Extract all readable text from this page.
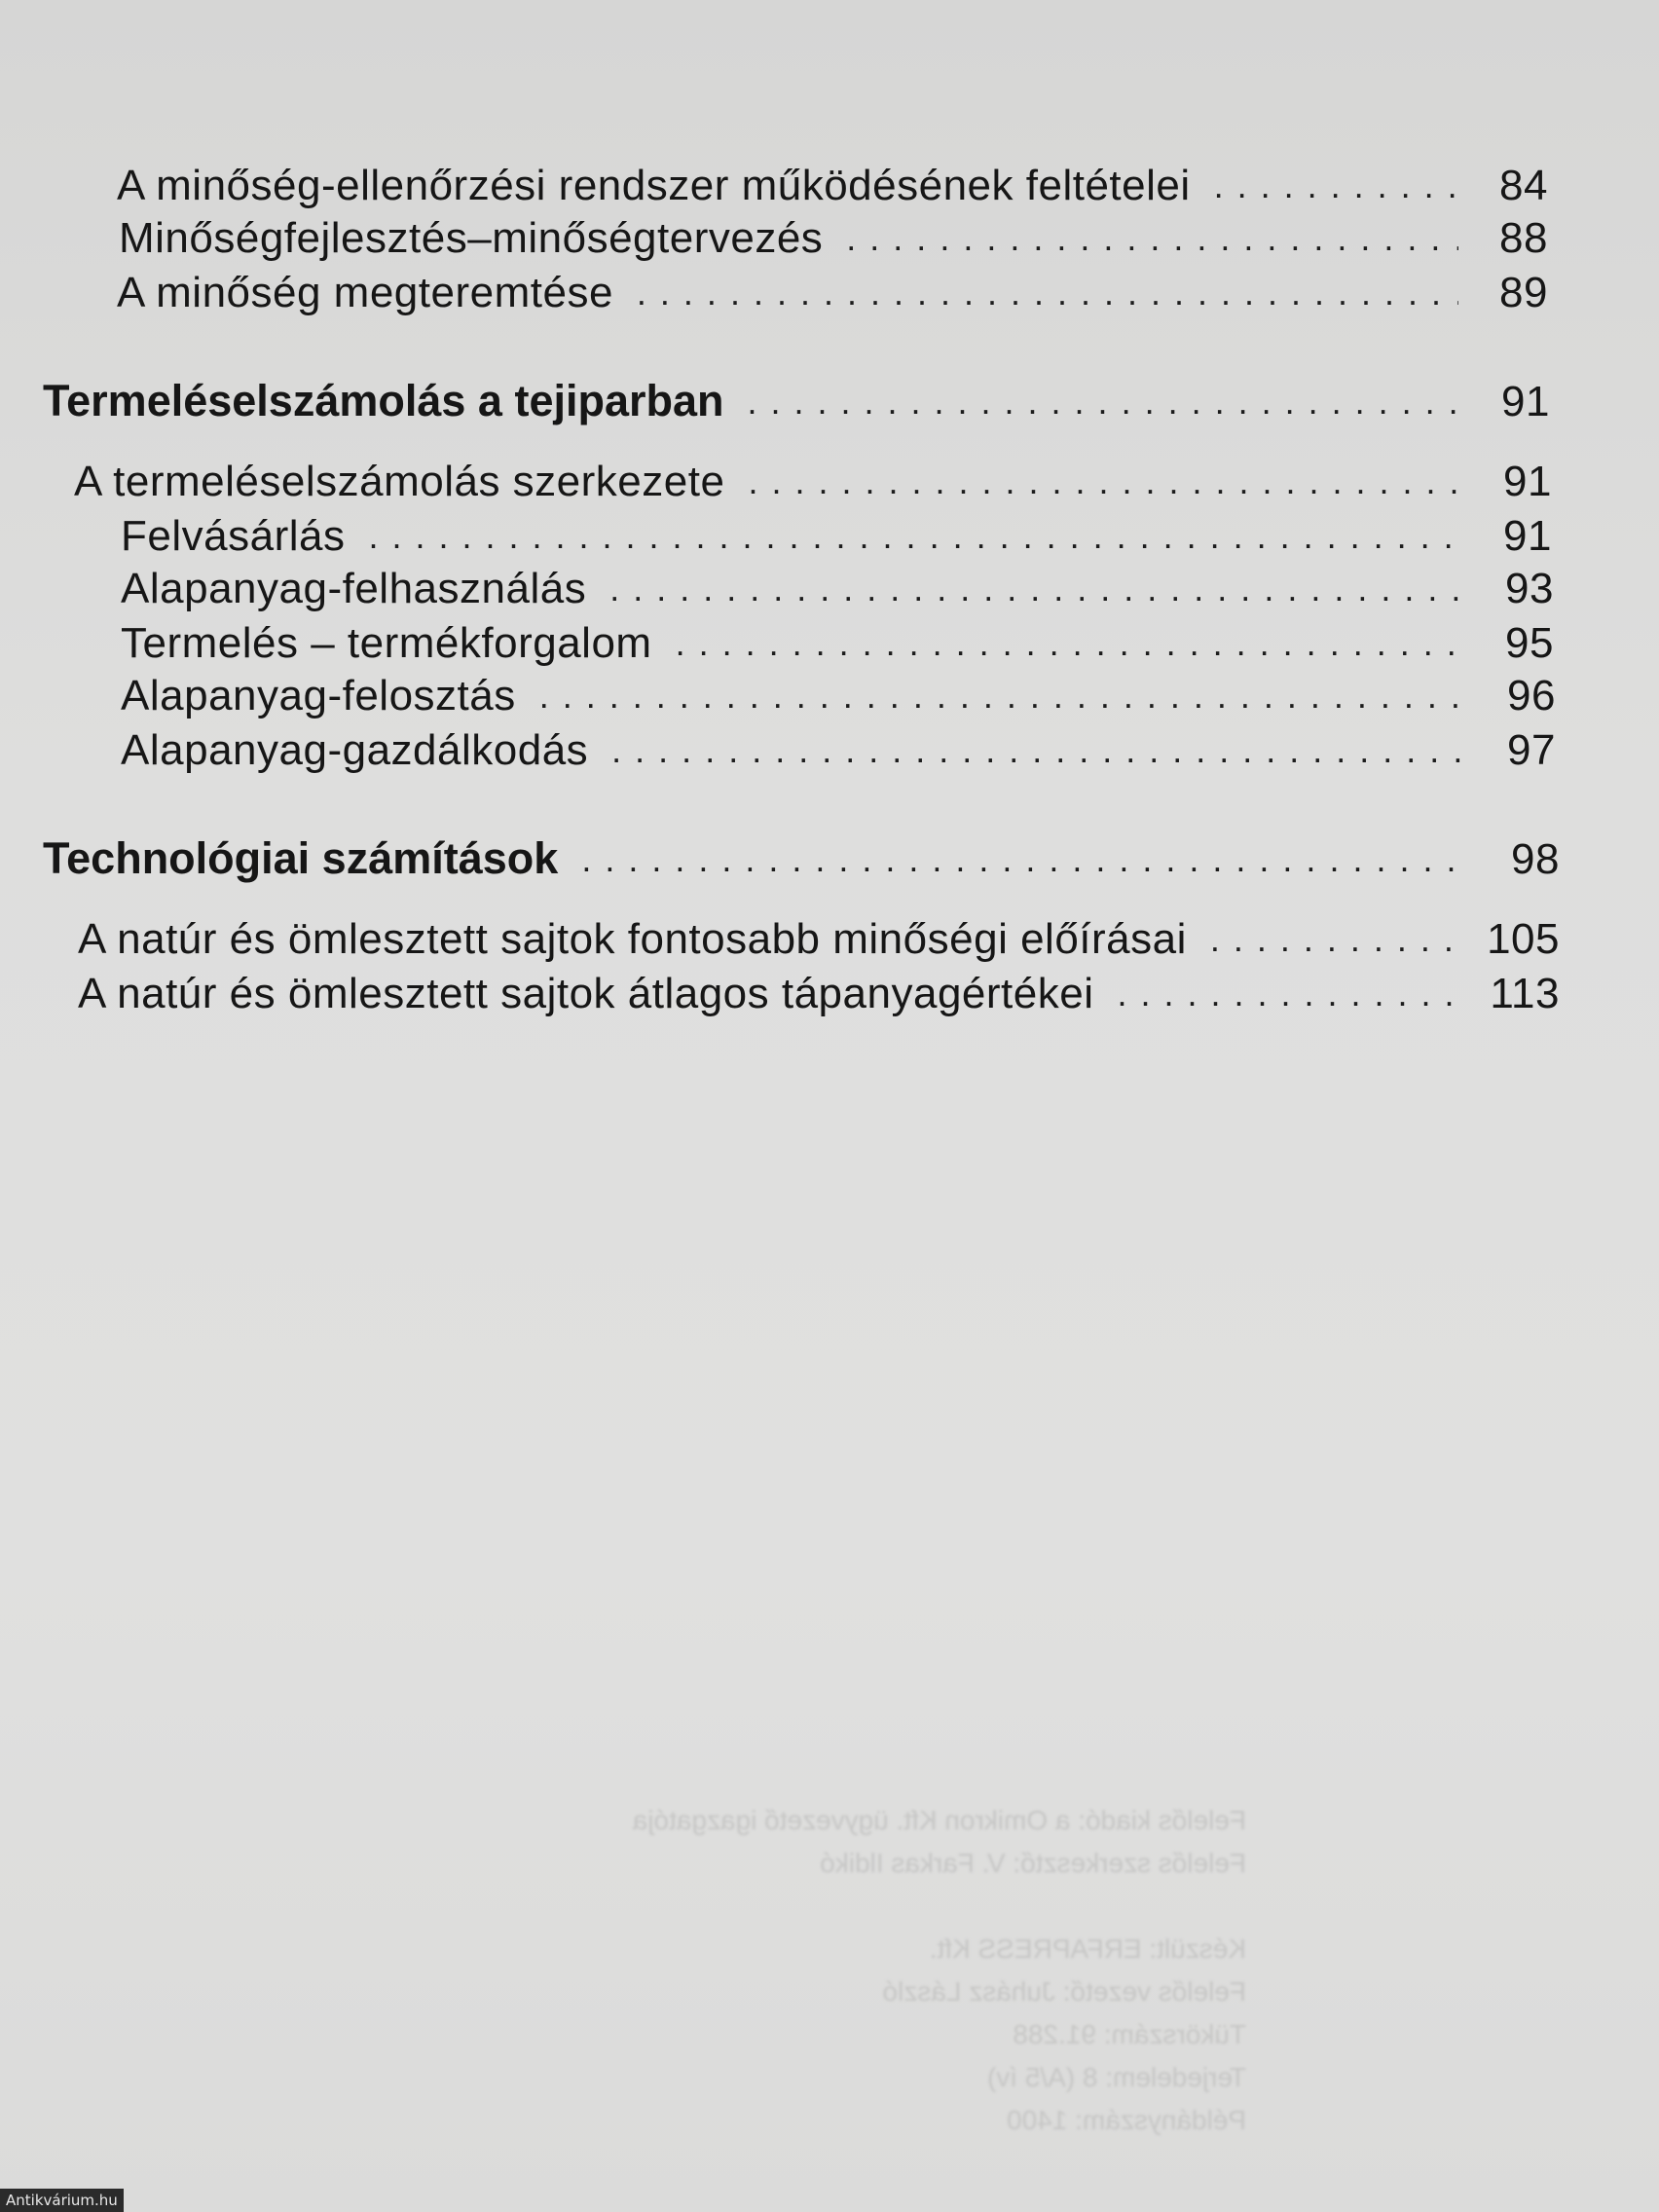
A minőség-ellenőrzési rendszer működésének feltételei . . .	84
Minőségfejlesztés–minőségtervezés . . .	88
A minőség megteremtése . . .	89
Termeléselszámolás a tejiparban . . .	91
A termeléselszámolás szerkezete . . .	91
Felvásárlás . . .	91
Alapanyag-felhasználás . . .	93
Termelés – termékforgalom . . .	95
Alapanyag-felosztás . . .	96
Alapanyag-gazdálkodás . . .	97
Technológiai számítások . . .	98
A natúr és ömlesztett sajtok fontosabb minőségi előírásai . . .	105
A natúr és ömlesztett sajtok átlagos tápanyagértékei . . .	113
Felelős kiadó: a Omikron Kft. ügyvezető igazgatója
Felelős szerkesztő: V. Farkas Ildikó
Készült: ERFAPRESS Kft.
Felelős vezető: Juhász László
Tükörszám: 91.288
Terjedelem: 8 (A/5 ív)
Példányszám: 1400
Antikvárium.hu
